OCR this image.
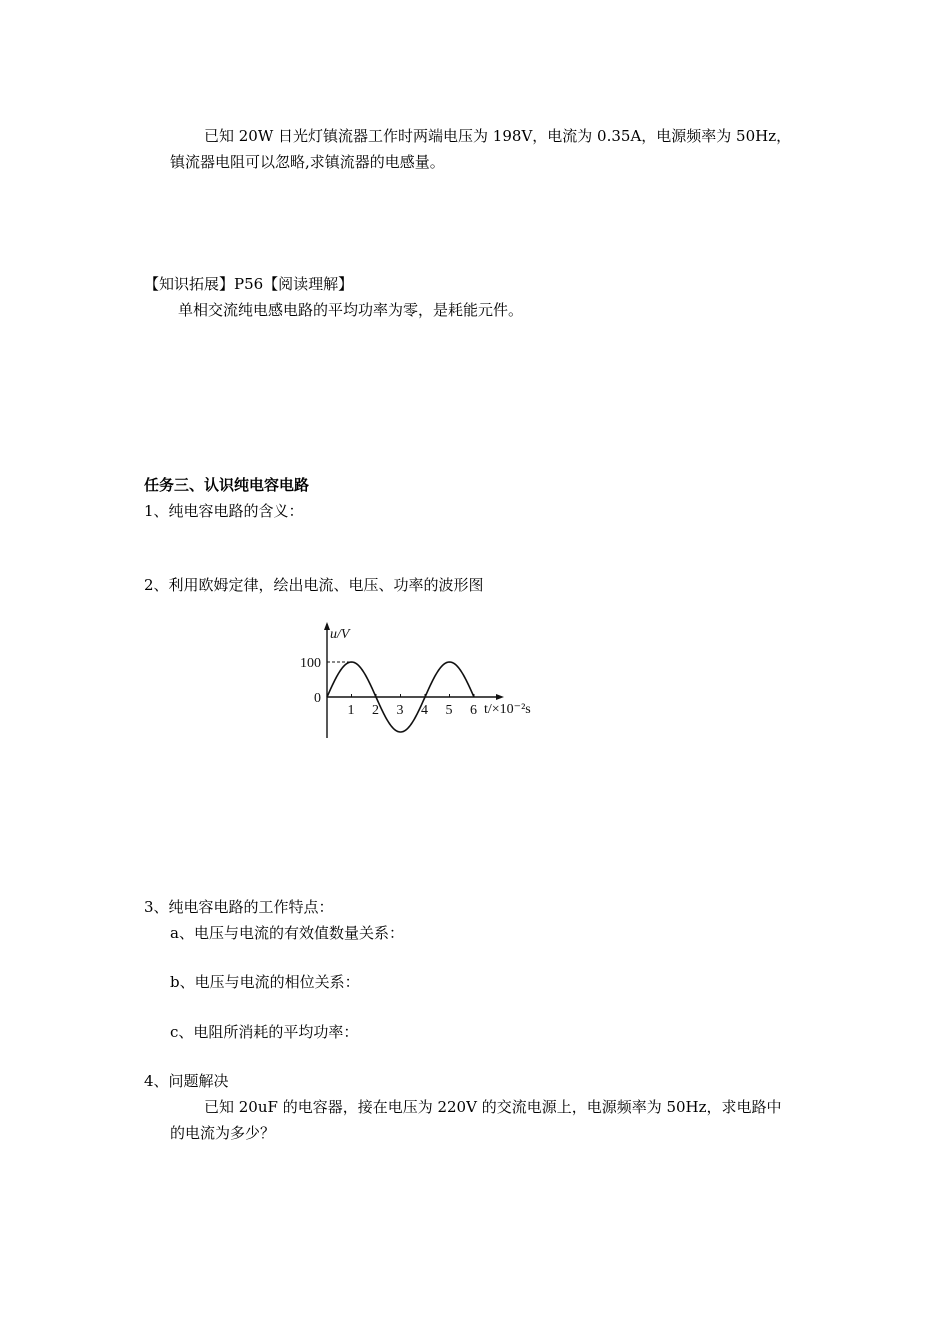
已知 20W 日光灯镇流器工作时两端电压为 198V，电流为 0.35A，电源频率为 50Hz，
镇流器电阻可以忽略,求镇流器的电感量。
【知识拓展】P56【阅读理解】
单相交流纯电感电路的平均功率为零，是耗能元件。
任务三、认识纯电容电路
1、纯电容电路的含义：
2、利用欧姆定律，绘出电流、电压、功率的波形图
100
0
1 2 3 4 5 6
u/V
t/×10⁻²s
3、纯电容电路的工作特点：
a、电压与电流的有效值数量关系：
b、电压与电流的相位关系：
c、电阻所消耗的平均功率：
4、问题解决
已知 20uF 的电容器，接在电压为 220V 的交流电源上，电源频率为 50Hz，求电路中
的电流为多少？
